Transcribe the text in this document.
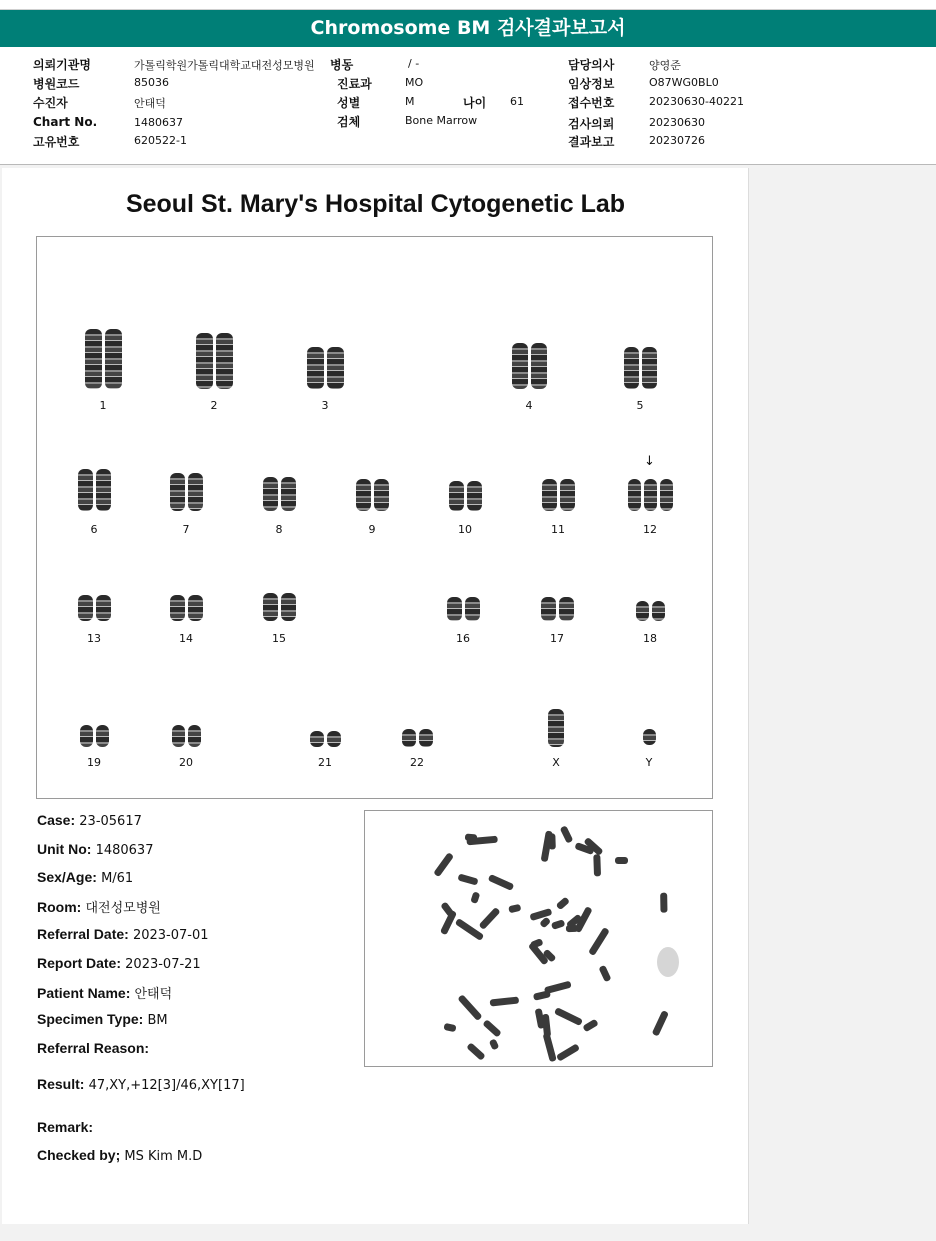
Chromosome BM 검사결과보고서
의뢰기관명	가톨릭학원가톨릭대학교대전성모병원 병동	/ -	담당의사	양영준
병원코드	85036	진료과	MO	임상정보	O87WG0BL0
수진자	안태덕	성별	M	나이 61	접수번호	20230630-40221
Chart No.	1480637	검체	Bone Marrow	검사의뢰	20230630
고유번호	620522-1	결과보고	20230726
Seoul St. Mary's Hospital Cytogenetic Lab
↓
1	2	3	4	5
6	7	8	9	10	11	12
13	14	15	16	17	18
19	20	21	22	X	Y
Case: 23-05617
Unit No: 1480637
Sex/Age: M/61
Room: 대전성모병원
Referral Date: 2023-07-01
Report Date: 2023-07-21
Patient Name: 안태덕
Specimen Type: BM
Referral Reason:
Result: 47,XY,+12[3]/46,XY[17]
Remark:
Checked by; MS Kim M.D
